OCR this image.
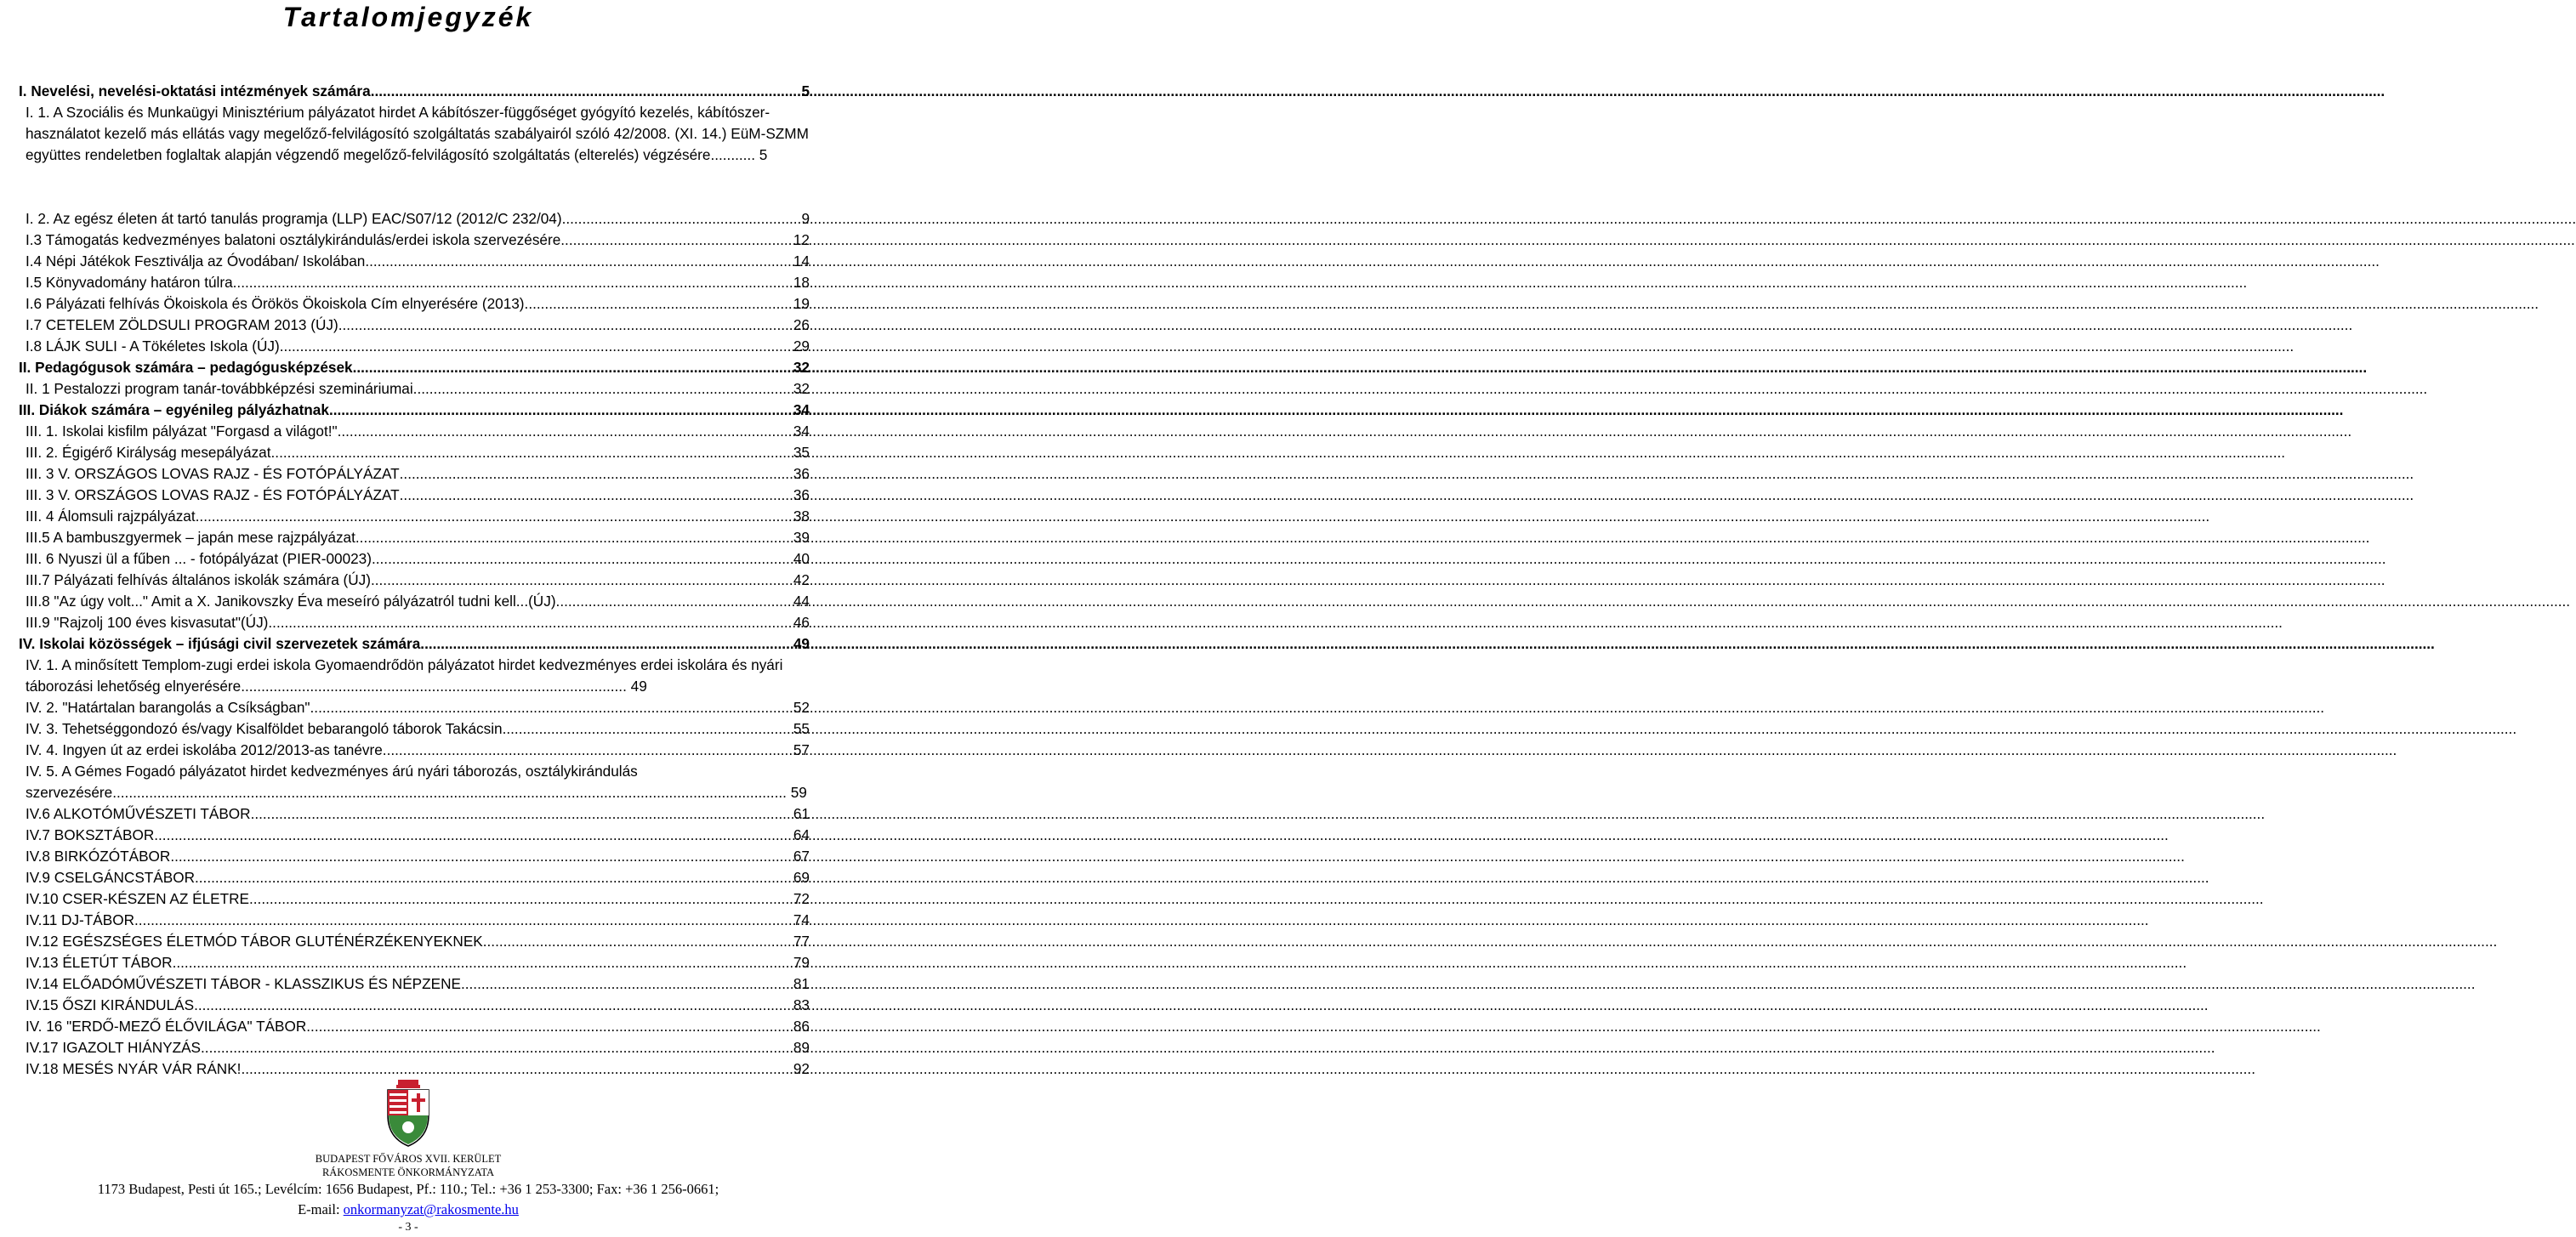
Tartalomjegyzék
I. Nevelési, nevelési-oktatási intézmények számára .....	5
I. 1. A Szociális és Munkaügyi Minisztérium pályázatot hirdet A kábítószer-függőséget gyógyító kezelés, kábítószer-használatot kezelő más ellátás vagy megelőző-felvilágosító szolgáltatás szabályairól szóló 42/2008. (XI. 14.) EüM-SZMM együttes rendeletben foglaltak alapján végzendő megelőző-felvilágosító szolgáltatás (elterelés) végzésére........... 5
I. 2. Az egész életen át tartó tanulás programja (LLP) EAC/S07/12 (2012/C 232/04) .....	9
I.3 Támogatás kedvezményes balatoni osztálykirándulás/erdei iskola szervezésére .....	12
I.4 Népi Játékok Fesztiválja az Óvodában/ Iskolában .....	14
I.5 Könyvadomány határon túlra .....	18
I.6 Pályázati felhívás Ökoiskola és Örökös Ökoiskola Cím elnyerésére (2013) .....	19
I.7 CETELEM ZÖLDSULI PROGRAM 2013 (ÚJ) .....	26
I.8 LÁJK SULI - A Tökéletes Iskola (ÚJ) .....	29
II. Pedagógusok számára – pedagógusképzések .....	32
II. 1 Pestalozzi program tanár-továbbképzési szemináriumai .....	32
III. Diákok számára – egyénileg pályázhatnak .....	34
III. 1. Iskolai kisfilm pályázat "Forgasd a világot!" .....	34
III. 2. Égigérő Királyság mesepályázat .....	35
III. 3 V. ORSZÁGOS LOVAS RAJZ - ÉS FOTÓPÁLYÁZAT .....	36
III. 3 V. ORSZÁGOS LOVAS RAJZ - ÉS FOTÓPÁLYÁZAT .....	36
III. 4 Álomsuli rajzpályázat .....	38
III.5 A bambuszgyermek – japán mese rajzpályázat .....	39
III. 6 Nyuszi ül a fűben ... - fotópályázat (PIER-00023) .....	40
III.7 Pályázati felhívás általános iskolák számára (ÚJ) .....	42
III.8 "Az úgy volt..." Amit a X. Janikovszky Éva meseíró pályázatról tudni kell...(ÚJ) .....	44
III.9 "Rajzolj 100 éves kisvasutat"(ÚJ) .....	46
IV. Iskolai közösségek – ifjúsági civil szervezetek számára .....	49
IV. 1. A minősített Templom-zugi erdei iskola Gyomaendrődön pályázatot hirdet kedvezményes erdei iskolára és nyári táborozási lehetőség elnyerésére............................................................................................... 49
IV. 2. "Határtalan barangolás a Csíkságban" .....	52
IV. 3. Tehetséggondozó és/vagy Kisalföldet bebarangoló táborok Takácsin .....	55
IV. 4. Ingyen út az erdei iskolába 2012/2013-as tanévre .....	57
IV. 5. A Gémes Fogadó pályázatot hirdet kedvezményes árú nyári táborozás, osztálykirándulás szervezésére...................................................................................................................................................................... 59
IV.6 ALKOTÓMŰVÉSZETI TÁBOR .....	61
IV.7 BOKSZTÁBOR .....	64
IV.8 BIRKÓZÓTÁBOR .....	67
IV.9 CSELGÁNCSTÁBOR .....	69
IV.10 CSER-KÉSZEN AZ ÉLETRE .....	72
IV.11 DJ-TÁBOR .....	74
IV.12 EGÉSZSÉGES ÉLETMÓD TÁBOR GLUTÉNÉRZÉKENYEKNEK .....	77
IV.13 ÉLETÚT TÁBOR .....	79
IV.14 ELŐADÓMŰVÉSZETI TÁBOR - KLASSZIKUS ÉS NÉPZENE .....	81
IV.15 ŐSZI KIRÁNDULÁS .....	83
IV. 16 "ERDŐ-MEZŐ ÉLŐVILÁGA" TÁBOR .....	86
IV.17 IGAZOLT HIÁNYZÁS .....	89
IV.18 MESÉS NYÁR VÁR RÁNK! .....	92
BUDAPEST FŐVÁROS XVII. KERÜLET
RÁKOSMENTE ÖNKORMÁNYZATA
1173 Budapest, Pesti út 165.; Levélcím: 1656 Budapest, Pf.: 110.; Tel.: +36 1 253-3300; Fax: +36 1 256-0661;
E-mail: onkormanyzat@rakosmente.hu
- 3 -
